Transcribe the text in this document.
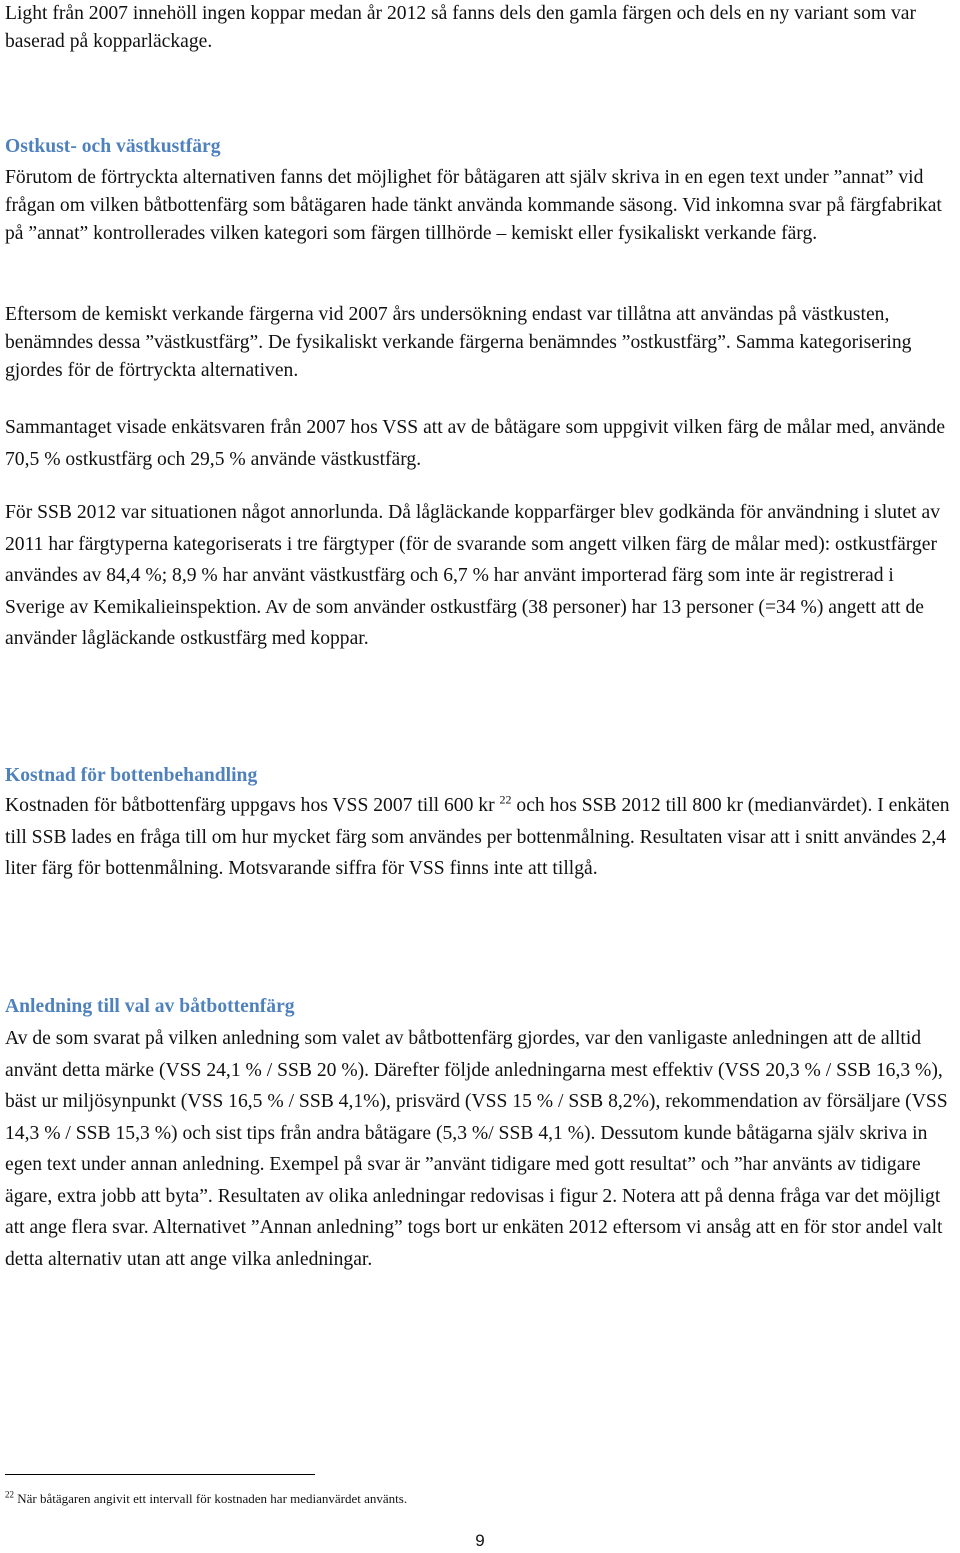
Light från 2007 innehöll ingen koppar medan år 2012 så fanns dels den gamla färgen och dels en ny variant som var baserad på kopparläckage.

Ostkust- och västkustfärg

Förutom de förtryckta alternativen fanns det möjlighet för båtägaren att själv skriva in en egen text under ”annat” vid frågan om vilken båtbottenfärg som båtägaren hade tänkt använda kommande säsong. Vid inkomna svar på färgfabrikat på ”annat” kontrollerades vilken kategori som färgen tillhörde – kemiskt eller fysikaliskt verkande färg.

Eftersom de kemiskt verkande färgerna vid 2007 års undersökning endast var tillåtna att användas på västkusten, benämndes dessa ”västkustfärg”. De fysikaliskt verkande färgerna benämndes ”ostkustfärg”. Samma kategorisering gjordes för de förtryckta alternativen.

Sammantaget visade enkätsvaren från 2007 hos VSS att av de båtägare som uppgivit vilken färg de målar med, använde 70,5 % ostkustfärg och 29,5 % använde västkustfärg.

För SSB 2012 var situationen något annorlunda. Då lågläckande kopparfärger blev godkända för användning i slutet av 2011 har färgtyperna kategoriserats i tre färgtyper (för de svarande som angett vilken färg de målar med): ostkustfärger användes av 84,4 %; 8,9 % har använt västkustfärg och 6,7 % har använt importerad färg som inte är registrerad i Sverige av Kemikalieinspektion. Av de som använder ostkustfärg (38 personer) har 13 personer (=34 %) angett att de använder lågläckande ostkustfärg med koppar.

Kostnad för bottenbehandling

Kostnaden för båtbottenfärg uppgavs hos VSS 2007 till 600 kr $^{22}$ och hos SSB 2012 till 800 kr (medianvärdet). I enkäten till SSB lades en fråga till om hur mycket färg som användes per bottenmålning. Resultaten visar att i snitt användes 2,4 liter färg för bottenmålning. Motsvarande siffra för VSS finns inte att tillgå.

Anledning till val av båtbottenfärg

Av de som svarat på vilken anledning som valet av båtbottenfärg gjordes, var den vanligaste anledningen att de alltid använt detta märke (VSS 24,1 % / SSB 20 %). Därefter följde anledningarna mest effektiv (VSS 20,3 % / SSB 16,3 %), bäst ur miljösynpunkt (VSS 16,5 % / SSB 4,1%), prisvärd (VSS 15 % / SSB 8,2%), rekommendation av försäljare (VSS 14,3 % / SSB 15,3 %) och sist tips från andra båtägare (5,3 %/ SSB 4,1 %). Dessutom kunde båtägarna själv skriva in egen text under annan anledning. Exempel på svar är ”använt tidigare med gott resultat” och ”har använts av tidigare ägare, extra jobb att byta”. Resultaten av olika anledningar redovisas i figur 2. Notera att på denna fråga var det möjligt att ange flera svar. Alternativet ”Annan anledning” togs bort ur enkäten 2012 eftersom vi ansåg att en för stor andel valt detta alternativ utan att ange vilka anledningar.

$^{22}$ När båtägaren angivit ett intervall för kostnaden har medianvärdet använts.

9
